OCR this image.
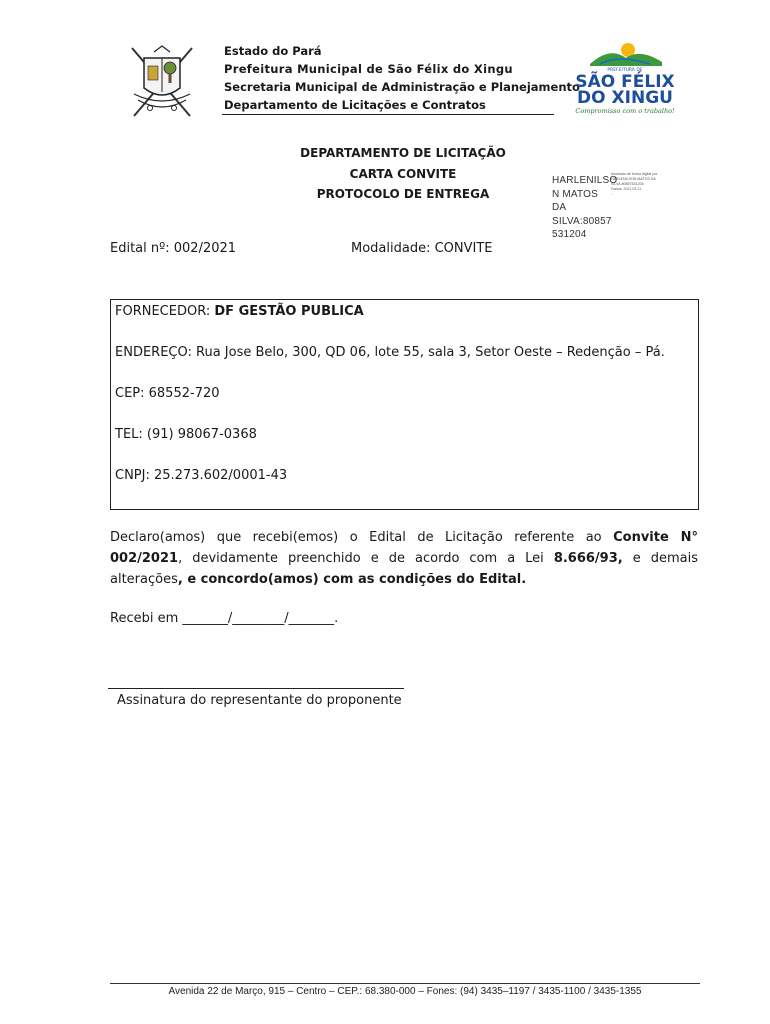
Estado do Pará
Prefeitura Municipal de São Félix do Xingu
Secretaria Municipal de Administração e Planejamento
Departamento de Licitações e Contratos
PREFEITURA DE
SÃO FÉLIX
DO XINGU
Compromisso com o trabalho!
DEPARTAMENTO DE LICITAÇÃO
CARTA CONVITE
PROTOCOLO DE ENTREGA
HARLENILSO
N MATOS DA
SILVA:80857
531204
Assinado de forma digital por
HARLENILSON MATOS DA
SILVA:80857531204
Dados: 2021.03.11
...
Edital nº: 002/2021	Modalidade: CONVITE
FORNECEDOR: DF GESTÃO PUBLICA
ENDEREÇO: Rua Jose Belo, 300, QD 06, lote 55, sala 3, Setor Oeste – Redenção – Pá.
CEP: 68552-720
TEL: (91) 98067-0368
CNPJ: 25.273.602/0001-43
Declaro(amos) que recebi(emos) o Edital de Licitação referente ao Convite N° 002/2021, devidamente preenchido e de acordo com a Lei 8.666/93, e demais alterações, e concordo(amos) com as condições do Edital.
Recebi em _______/________/_______.
Assinatura do representante do proponente
Avenida 22 de Março, 915 – Centro – CEP.: 68.380-000 – Fones: (94) 3435–1197 / 3435-1100 / 3435-1355
